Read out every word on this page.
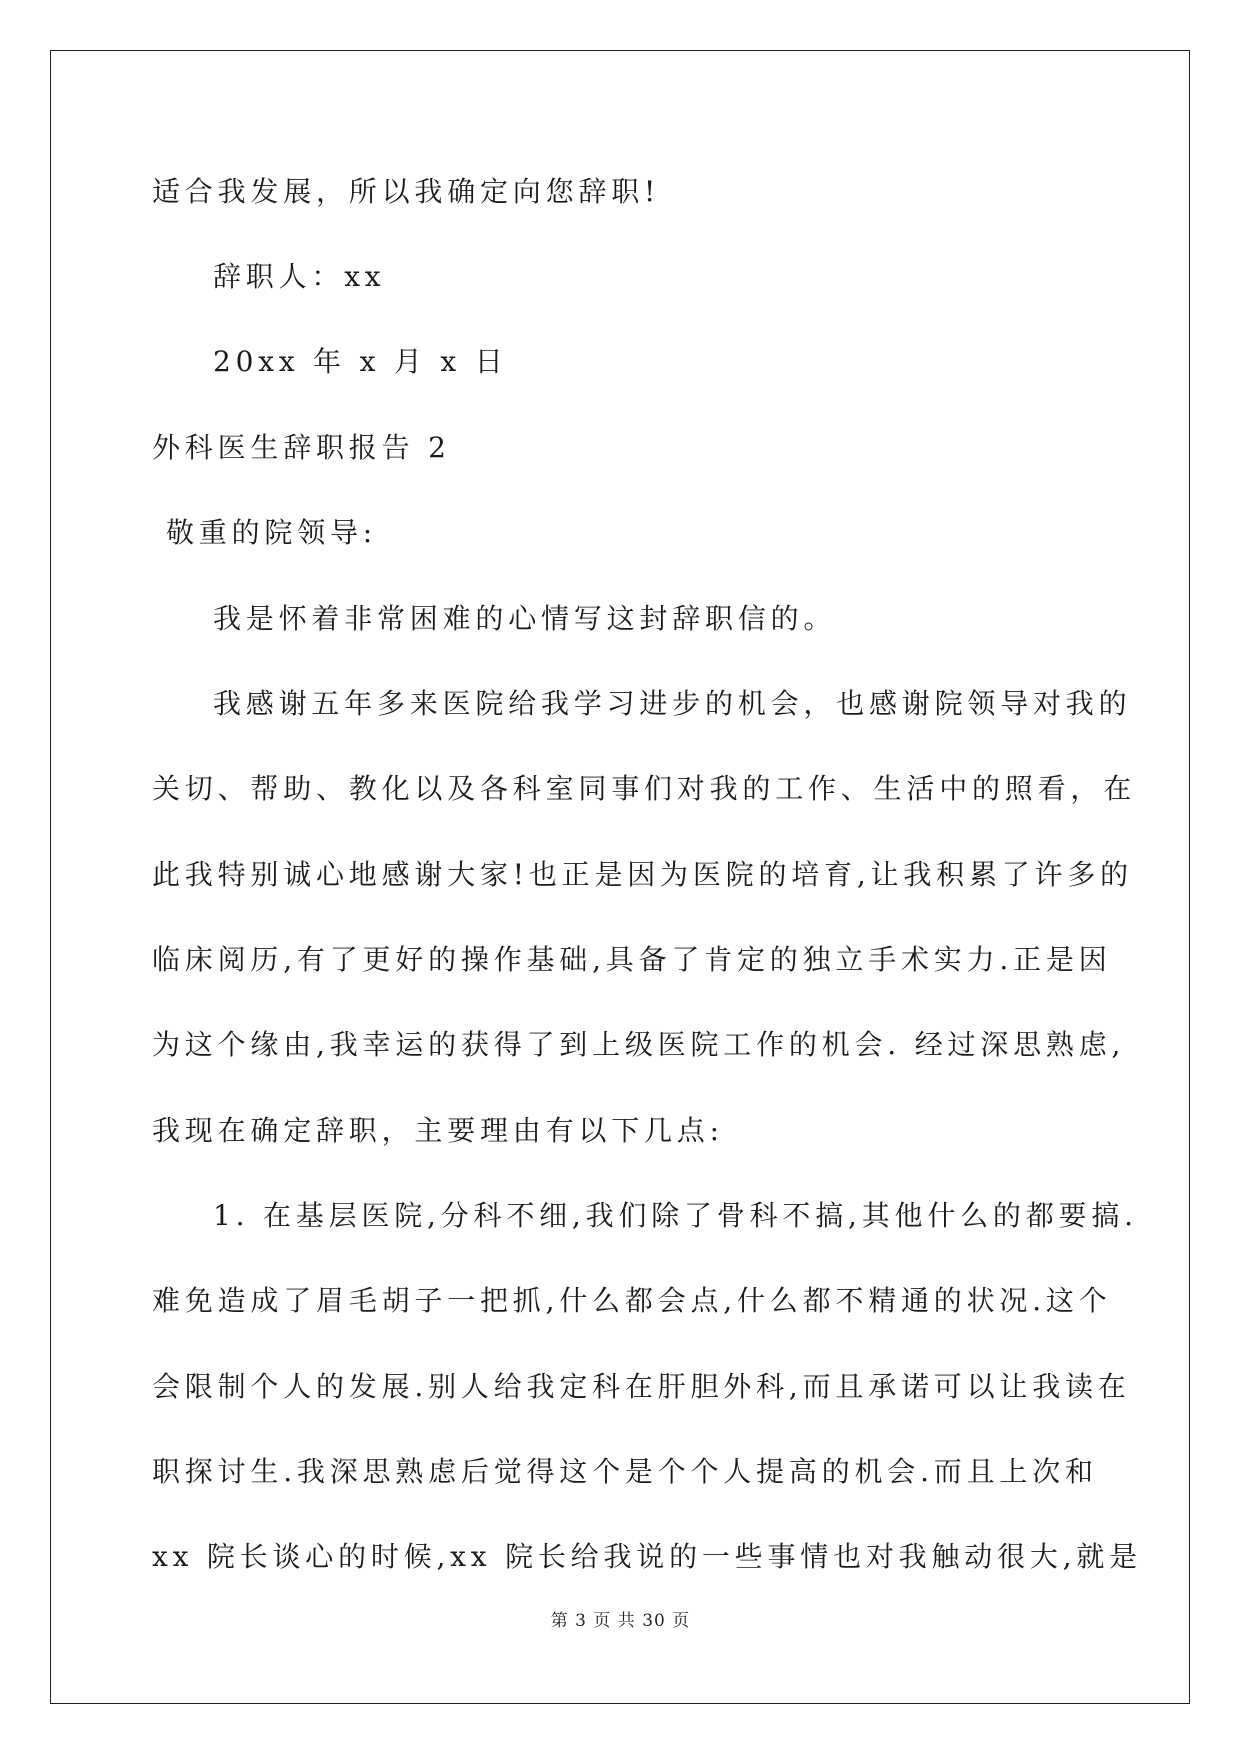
适合我发展，所以我确定向您辞职!
辞职人：xx
20xx 年 x 月 x 日
外科医生辞职报告 2
敬重的院领导:
我是怀着非常困难的心情写这封辞职信的。
我感谢五年多来医院给我学习进步的机会，也感谢院领导对我的
关切、帮助、教化以及各科室同事们对我的工作、生活中的照看，在
此我特别诚心地感谢大家!也正是因为医院的培育,让我积累了许多的
临床阅历,有了更好的操作基础,具备了肯定的独立手术实力.正是因
为这个缘由,我幸运的获得了到上级医院工作的机会. 经过深思熟虑,
我现在确定辞职，主要理由有以下几点:
1. 在基层医院,分科不细,我们除了骨科不搞,其他什么的都要搞.
难免造成了眉毛胡子一把抓,什么都会点,什么都不精通的状况.这个
会限制个人的发展.别人给我定科在肝胆外科,而且承诺可以让我读在
职探讨生.我深思熟虑后觉得这个是个个人提高的机会.而且上次和
xx 院长谈心的时候,xx 院长给我说的一些事情也对我触动很大,就是
第 3 页 共 30 页
